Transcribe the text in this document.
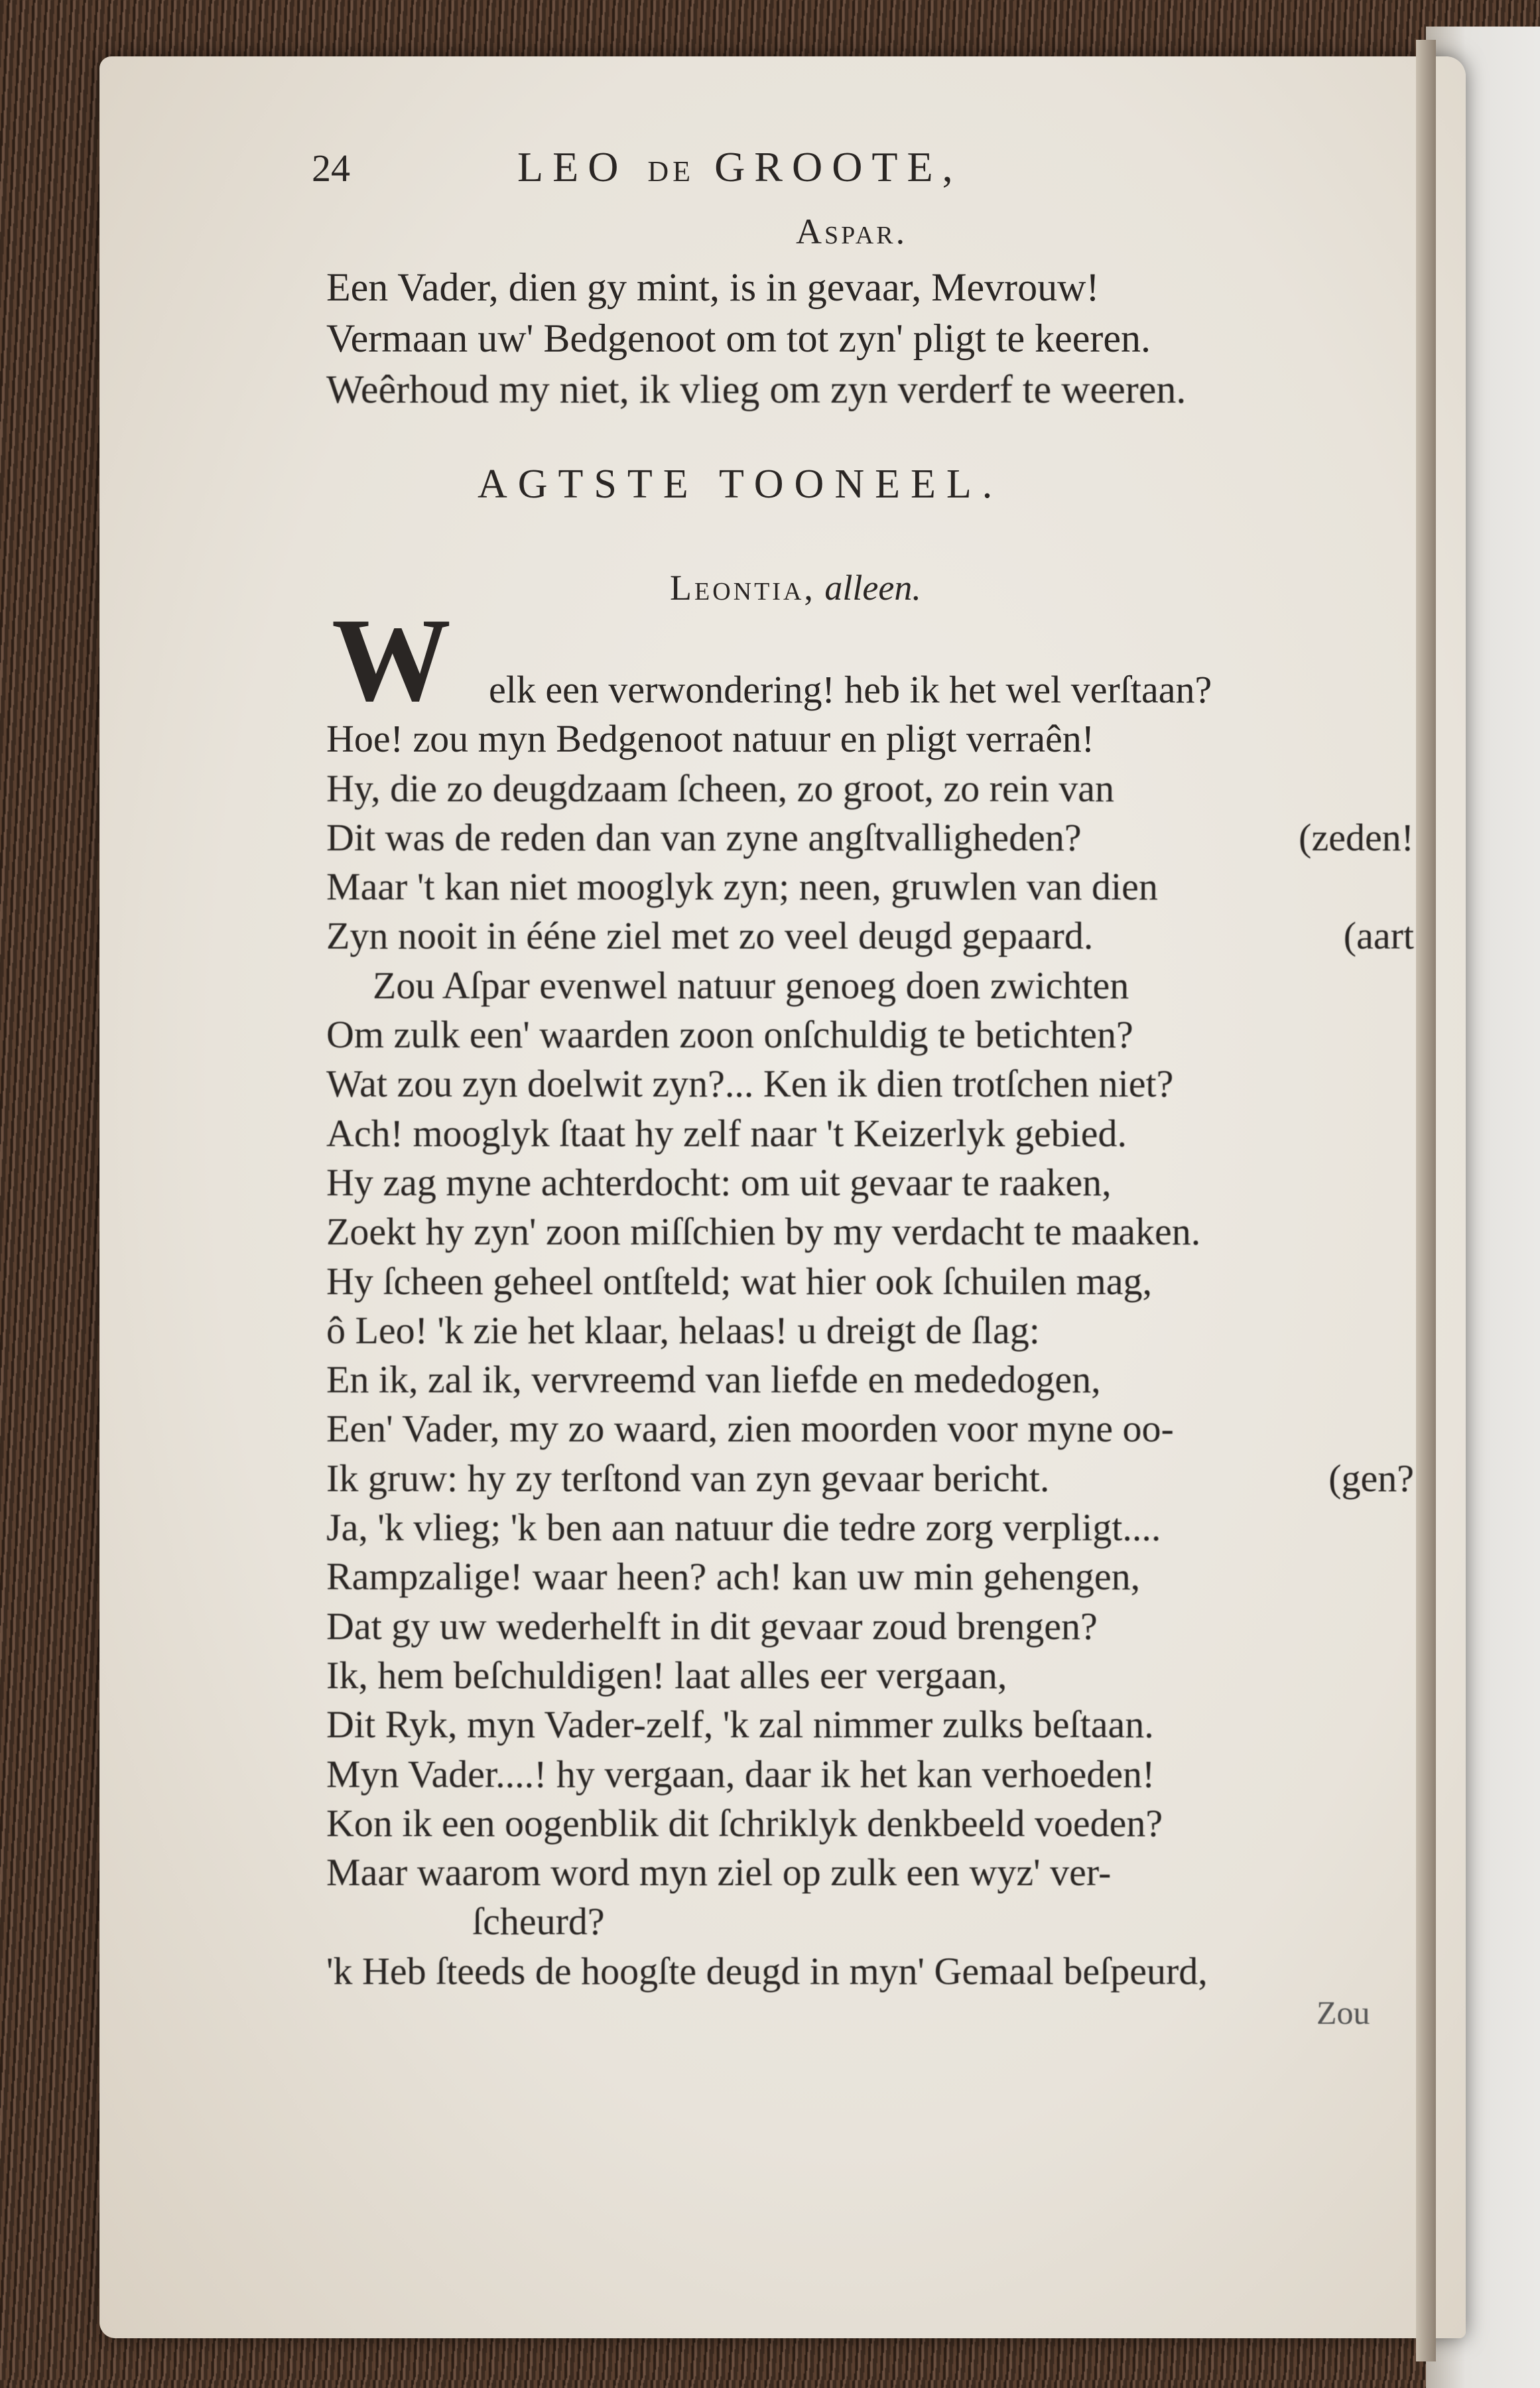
24	LEO DE GROOTE,
Aspar.
Een Vader, dien gy mint, is in gevaar, Mevrouw!
Vermaan uw' Bedgenoot om tot zyn' pligt te keeren.
Weêrhoud my niet, ik vlieg om zyn verderf te weeren.
AGTSTE TOONEEL.
Leontia, alleen.
W elk een verwondering! heb ik het wel verſtaan?
Hoe! zou myn Bedgenoot natuur en pligt verraên!
Hy, die zo deugdzaam ſcheen, zo groot, zo rein van
Dit was de reden dan van zyne angſtvalligheden?	(zeden!
Maar 't kan niet mooglyk zyn; neen, gruwlen van dien
Zyn nooit in ééne ziel met zo veel deugd gepaard.	(aart
Zou Aſpar evenwel natuur genoeg doen zwichten
Om zulk een' waarden zoon onſchuldig te betichten?
Wat zou zyn doelwit zyn?... Ken ik dien trotſchen niet?
Ach! mooglyk ſtaat hy zelf naar 't Keizerlyk gebied.
Hy zag myne achterdocht: om uit gevaar te raaken,
Zoekt hy zyn' zoon miſſchien by my verdacht te maaken.
Hy ſcheen geheel ontſteld; wat hier ook ſchuilen mag,
ô Leo! 'k zie het klaar, helaas! u dreigt de ſlag:
En ik, zal ik, vervreemd van liefde en mededogen,
Een' Vader, my zo waard, zien moorden voor myne oo-
Ik gruw: hy zy terſtond van zyn gevaar bericht.	(gen?
Ja, 'k vlieg; 'k ben aan natuur die tedre zorg verpligt....
Rampzalige! waar heen? ach! kan uw min gehengen,
Dat gy uw wederhelft in dit gevaar zoud brengen?
Ik, hem beſchuldigen! laat alles eer vergaan,
Dit Ryk, myn Vader-zelf, 'k zal nimmer zulks beſtaan.
Myn Vader....! hy vergaan, daar ik het kan verhoeden!
Kon ik een oogenblik dit ſchriklyk denkbeeld voeden?
Maar waarom word myn ziel op zulk een wyz' ver-
ſcheurd?
'k Heb ſteeds de hoogſte deugd in myn' Gemaal beſpeurd,
Zou
